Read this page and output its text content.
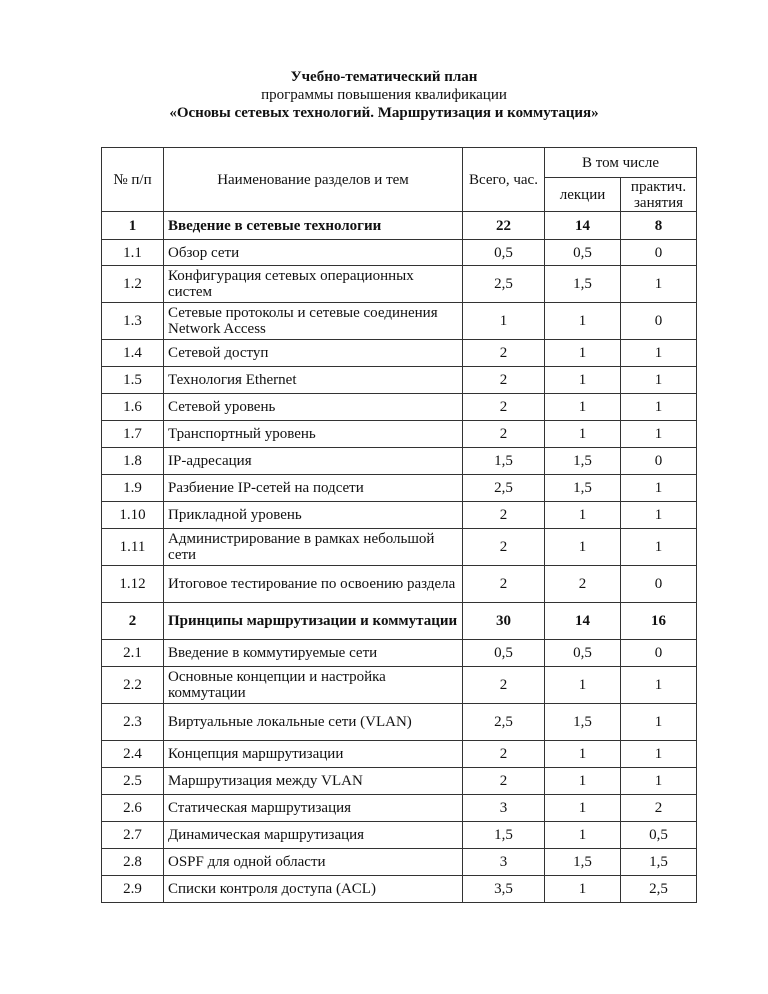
Учебно-тематический план
программы повышения квалификации
«Основы сетевых технологий. Маршрутизация и коммутация»
№ п/п	Наименование разделов и тем	Всего, час.	В том числе	
			лекции	практич. занятия
1	Введение в сетевые технологии	22	14	8
1.1	Обзор сети	0,5	0,5	0
1.2	Конфигурация сетевых операционных систем	2,5	1,5	1
1.3	Сетевые протоколы и сетевые соединения Network Access	1	1	0
1.4	Сетевой доступ	2	1	1
1.5	Технология Ethernet	2	1	1
1.6	Сетевой уровень	2	1	1
1.7	Транспортный уровень	2	1	1
1.8	IP-адресация	1,5	1,5	0
1.9	Разбиение IP-сетей на подсети	2,5	1,5	1
1.10	Прикладной уровень	2	1	1
1.11	Администрирование в рамках небольшой сети	2	1	1
1.12	Итоговое тестирование по освоению раздела	2	2	0
2	Принципы маршрутизации и коммутации	30	14	16
2.1	Введение в коммутируемые сети	0,5	0,5	0
2.2	Основные концепции и настройка коммутации	2	1	1
2.3	Виртуальные локальные сети (VLAN)	2,5	1,5	1
2.4	Концепция маршрутизации	2	1	1
2.5	Маршрутизация между VLAN	2	1	1
2.6	Статическая маршрутизация	3	1	2
2.7	Динамическая маршрутизация	1,5	1	0,5
2.8	OSPF для одной области	3	1,5	1,5
2.9	Списки контроля доступа (ACL)	3,5	1	2,5
